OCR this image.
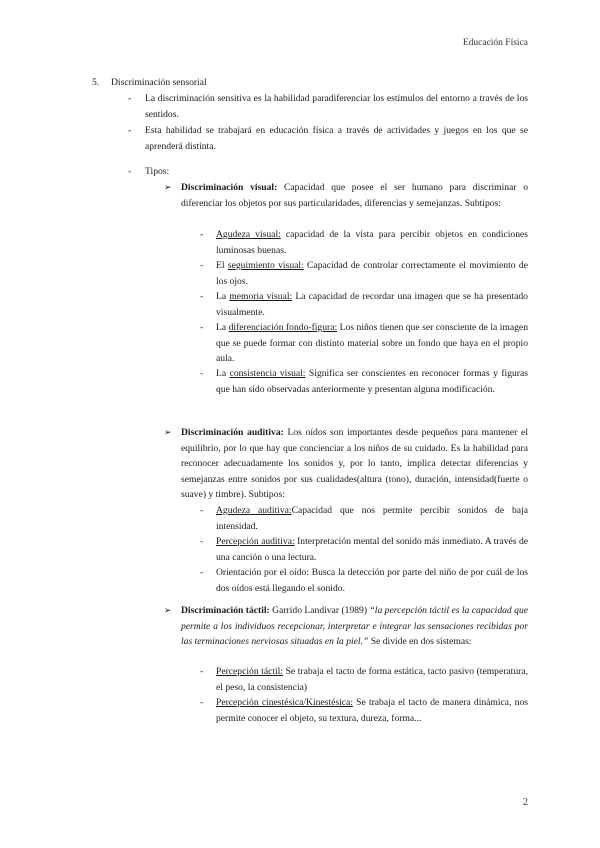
Educación Física
5. Discriminación sensorial
- La discriminación sensitiva es la habilidad paradiferenciar los estímulos del entorno a través de los sentidos.
- Esta habilidad se trabajará en educación física a través de actividades y juegos en los que se aprenderá distinta.
- Tipos:
➢ Discriminación visual: Capacidad que posee el ser humano para discriminar o diferenciar los objetos por sus particularidades, diferencias y semejanzas. Subtipos:
- Agudeza visual: capacidad de la vista para percibir objetos en condiciones luminosas buenas.
- El seguimiento visual: Capacidad de controlar correctamente el movimiento de los ojos.
- La memoria visual: La capacidad de recordar una imagen que se ha presentado visualmente.
- La diferenciación fondo-figura: Los niños tienen que ser consciente de la imagen que se puede formar con distinto material sobre un fondo que haya en el propio aula.
- La consistencia visual: Significa ser conscientes en reconocer formas y figuras que han sido observadas anteriormente y presentan alguna modificación.
➢ Discriminación auditiva: Los oídos son importantes desde pequeños para mantener el equilibrio, por lo que hay que concienciar a los niños de su cuidado. Es la habilidad para reconocer adecuadamente los sonidos y, por lo tanto, implica detectar diferencias y semejanzas entre sonidos por sus cualidades(altura (tono), duración, intensidad(fuerte o suave) y timbre). Subtipos:
- Agudeza auditiva:Capacidad que nos permite percibir sonidos de baja intensidad.
- Percepción auditiva: Interpretación mental del sonido más inmediato. A través de una canción o una lectura.
- Orientación por el oído: Busca la detección por parte del niño de por cuál de los dos oídos está llegando el sonido.
➢ Discriminación táctil: Garrido Landivar (1989) “la percepción táctil es la capacidad que permite a los individuos recepcionar, interpretar e integrar las sensaciones recibidas por las terminaciones nerviosas situadas en la piel.” Se divide en dos sistemas:
- Percepción táctil: Se trabaja el tacto de forma estática, tacto pasivo (temperatura, el peso, la consistencia)
- Percepción cinestésica/Kinestésica: Se trabaja el tacto de manera dinámica, nos permite conocer el objeto, su textura, dureza, forma...
2
